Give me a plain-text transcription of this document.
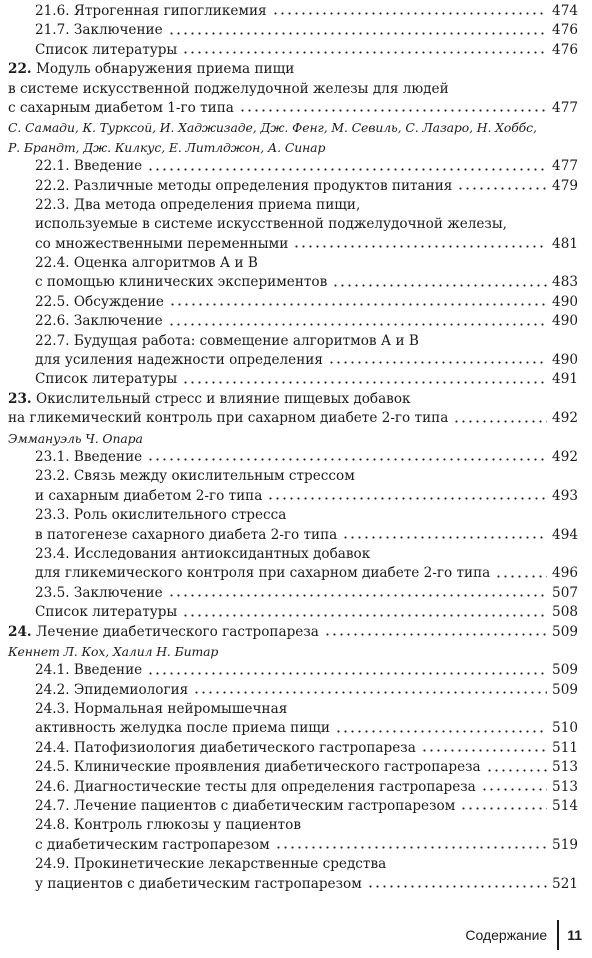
21.6. Ятрогенная гипогликемия	474
21.7. Заключение	476
Список литературы	476
22. Модуль обнаружения приема пищи
в системе искусственной поджелудочной железы для людей
с сахарным диабетом 1-го типа	477
С. Самади, К. Турксой, И. Хаджизаде, Дж. Фенг, М. Севиль, С. Лазаро, Н. Хоббс,
Р. Брандт, Дж. Килкус, Е. Литлджон, А. Синар
22.1. Введение	477
22.2. Различные методы определения продуктов питания	479
22.3. Два метода определения приема пищи,
используемые в системе искусственной поджелудочной железы,
со множественными переменными	481
22.4. Оценка алгоритмов А и В
с помощью клинических экспериментов	483
22.5. Обсуждение	490
22.6. Заключение	490
22.7. Будущая работа: совмещение алгоритмов А и В
для усиления надежности определения	490
Список литературы	491
23. Окислительный стресс и влияние пищевых добавок
на гликемический контроль при сахарном диабете 2-го типа	492
Эммануэль Ч. Опара
23.1. Введение	492
23.2. Связь между окислительным стрессом
и сахарным диабетом 2-го типа	493
23.3. Роль окислительного стресса
в патогенезе сахарного диабета 2-го типа	494
23.4. Исследования антиоксидантных добавок
для гликемического контроля при сахарном диабете 2-го типа	496
23.5. Заключение	507
Список литературы	508
24. Лечение диабетического гастропареза	509
Кеннет Л. Кох, Халил Н. Битар
24.1. Введение	509
24.2. Эпидемиология	509
24.3. Нормальная нейромышечная
активность желудка после приема пищи	510
24.4. Патофизиология диабетического гастропареза	511
24.5. Клинические проявления диабетического гастропареза	513
24.6. Диагностические тесты для определения гастропареза	513
24.7. Лечение пациентов с диабетическим гастропарезом	514
24.8. Контроль глюкозы у пациентов
с диабетическим гастропарезом	519
24.9. Прокинетические лекарственные средства
у пациентов с диабетическим гастропарезом	521
Содержание 11
